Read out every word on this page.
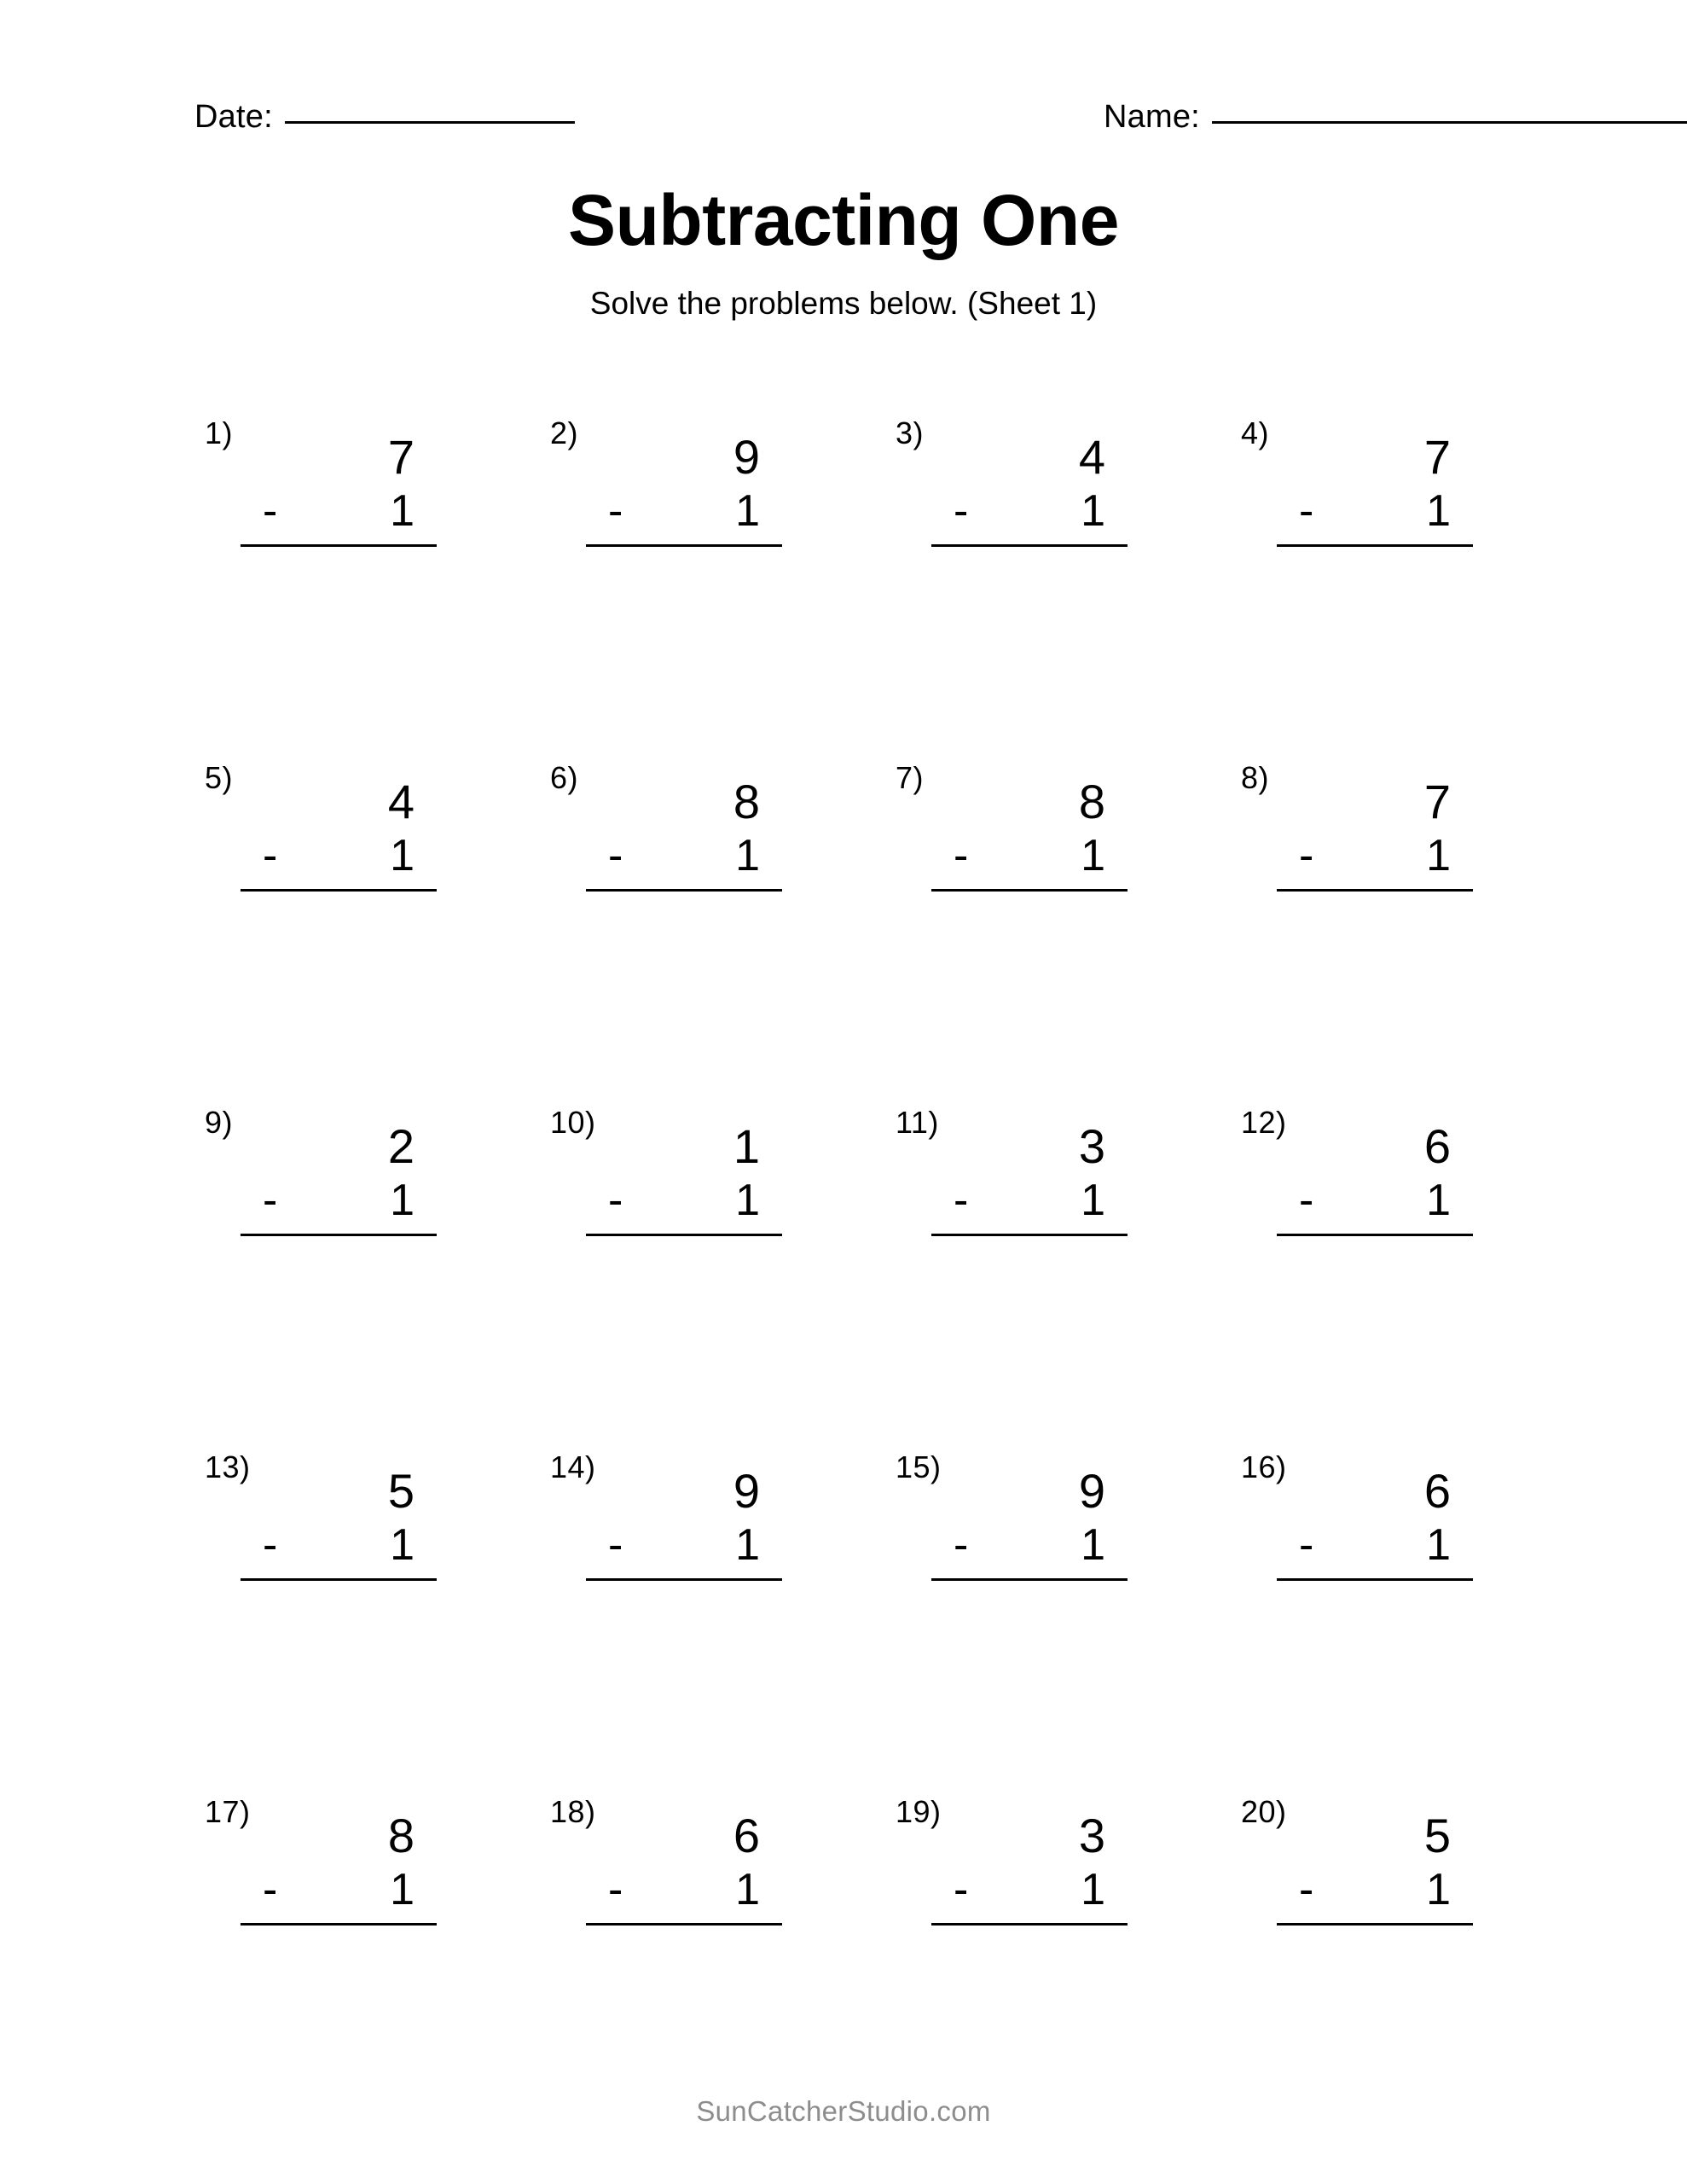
Date:	Name:
Subtracting One
Solve the problems below. (Sheet 1)
1)	7
-	1
2)	9
-	1
3)	4
-	1
4)	7
-	1
5)	4
-	1
6)	8
-	1
7)	8
-	1
8)	7
-	1
9)	2
-	1
10)	1
-	1
11)	3
-	1
12)	6
-	1
13)	5
-	1
14)	9
-	1
15)	9
-	1
16)	6
-	1
17)	8
-	1
18)	6
-	1
19)	3
-	1
20)	5
-	1
SunCatcherStudio.com
